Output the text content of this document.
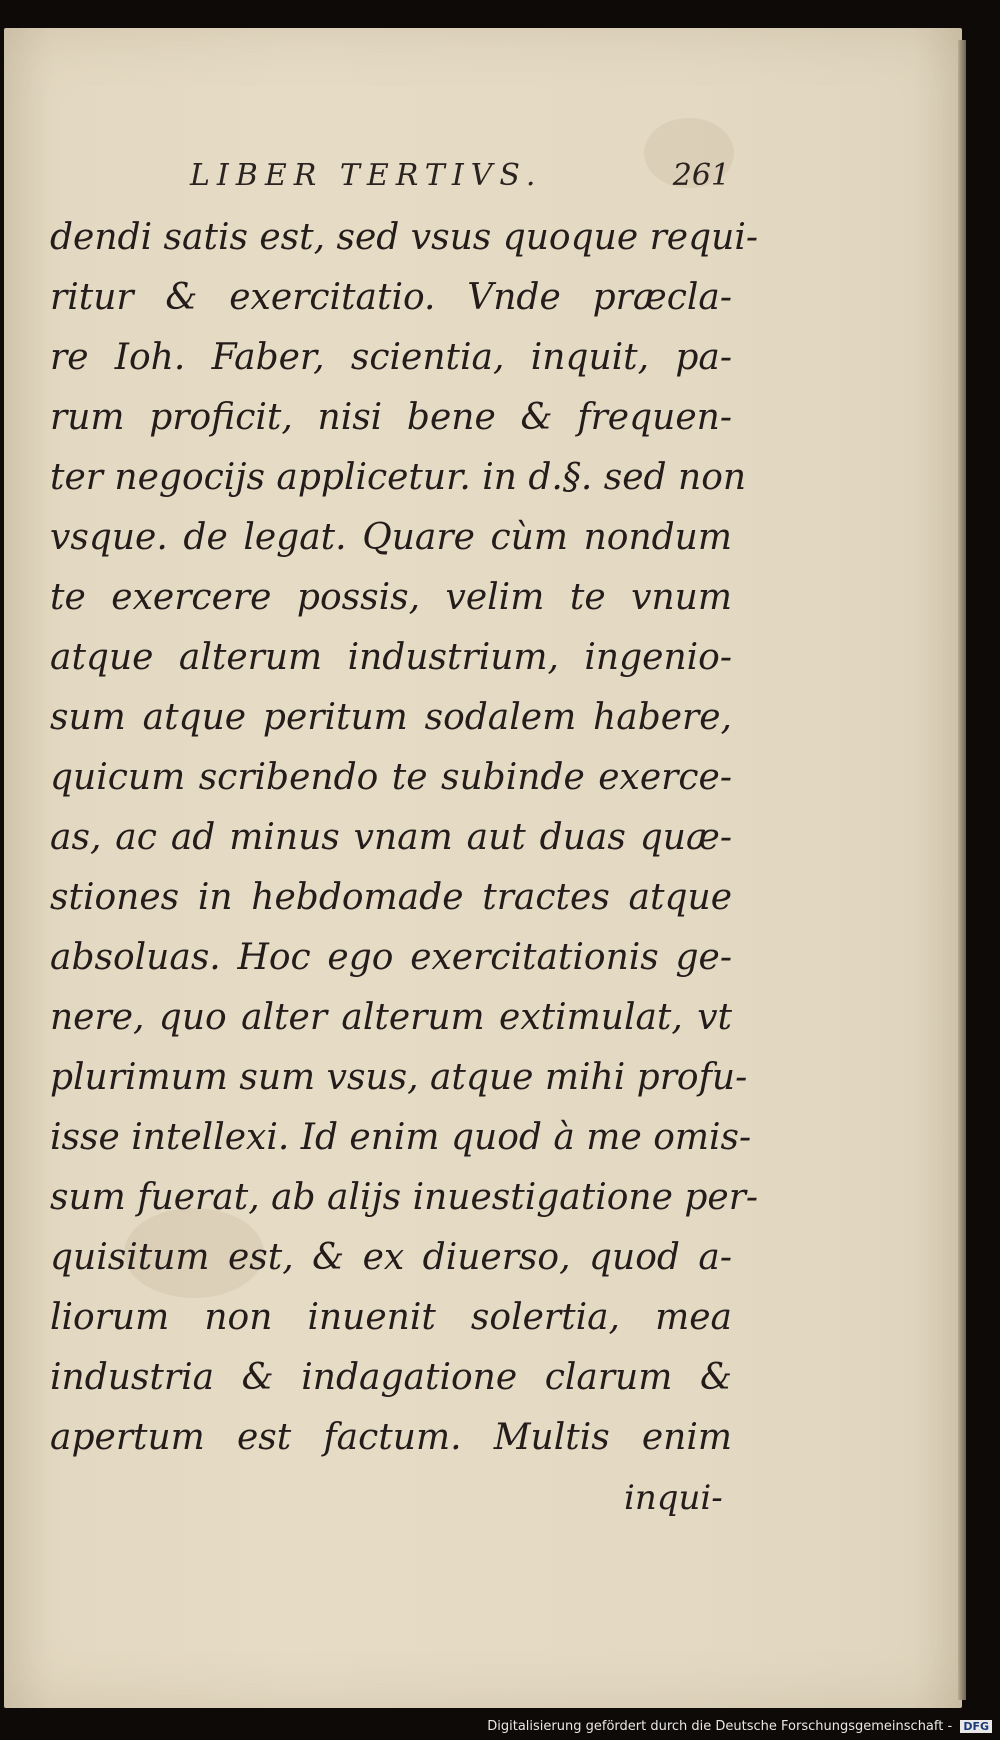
LIBER TERTIVS.	261
dendi satis est, sed vsus quoque requi-
ritur & exercitatio. Vnde præcla-
re Ioh. Faber, scientia, inquit, pa-
rum proficit, nisi bene & frequen-
ter negocijs applicetur. in d.§. sed non
vsque. de legat. Quare cùm nondum
te exercere possis, velim te vnum
atque alterum industrium, ingenio-
sum atque peritum sodalem habere,
quicum scribendo te subinde exerce-
as, ac ad minus vnam aut duas quæ-
stiones in hebdomade tractes atque
absoluas. Hoc ego exercitationis ge-
nere, quo alter alterum extimulat, vt
plurimum sum vsus, atque mihi profu-
isse intellexi. Id enim quod à me omis-
sum fuerat, ab alijs inuestigatione per-
quisitum est, & ex diuerso, quod a-
liorum non inuenit solertia, mea
industria & indagatione clarum &
apertum est factum. Multis enim
inqui-
Digitalisierung gefördert durch die Deutsche Forschungsgemeinschaft - DFG
